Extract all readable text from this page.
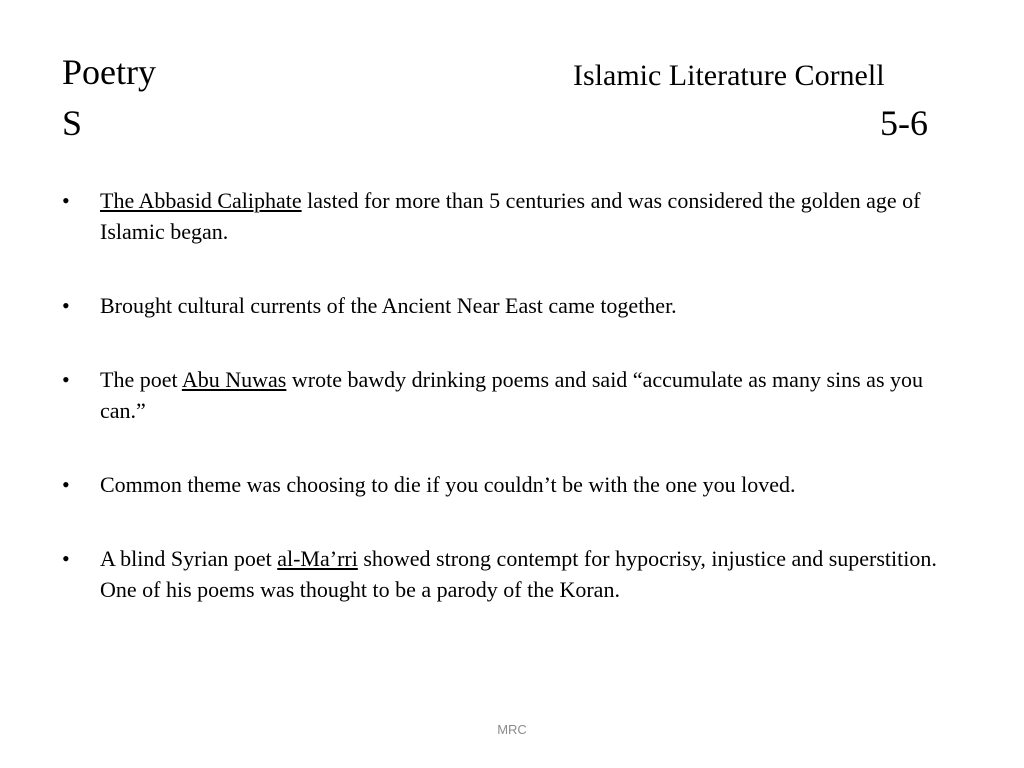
Poetry
S
Islamic Literature Cornell
5-6
•	The Abbasid Caliphate lasted for more than 5 centuries and was considered the golden age of Islamic began.
•	Brought cultural currents of the Ancient Near East came together.
•	The poet Abu Nuwas wrote bawdy drinking poems and said “accumulate as many sins as you can.”
•	Common theme was choosing to die if you couldn’t be with the one you loved.
•	A blind Syrian poet al-Ma’rri showed strong contempt for hypocrisy, injustice and superstition. One of his poems was thought to be a parody of the Koran.
MRC
